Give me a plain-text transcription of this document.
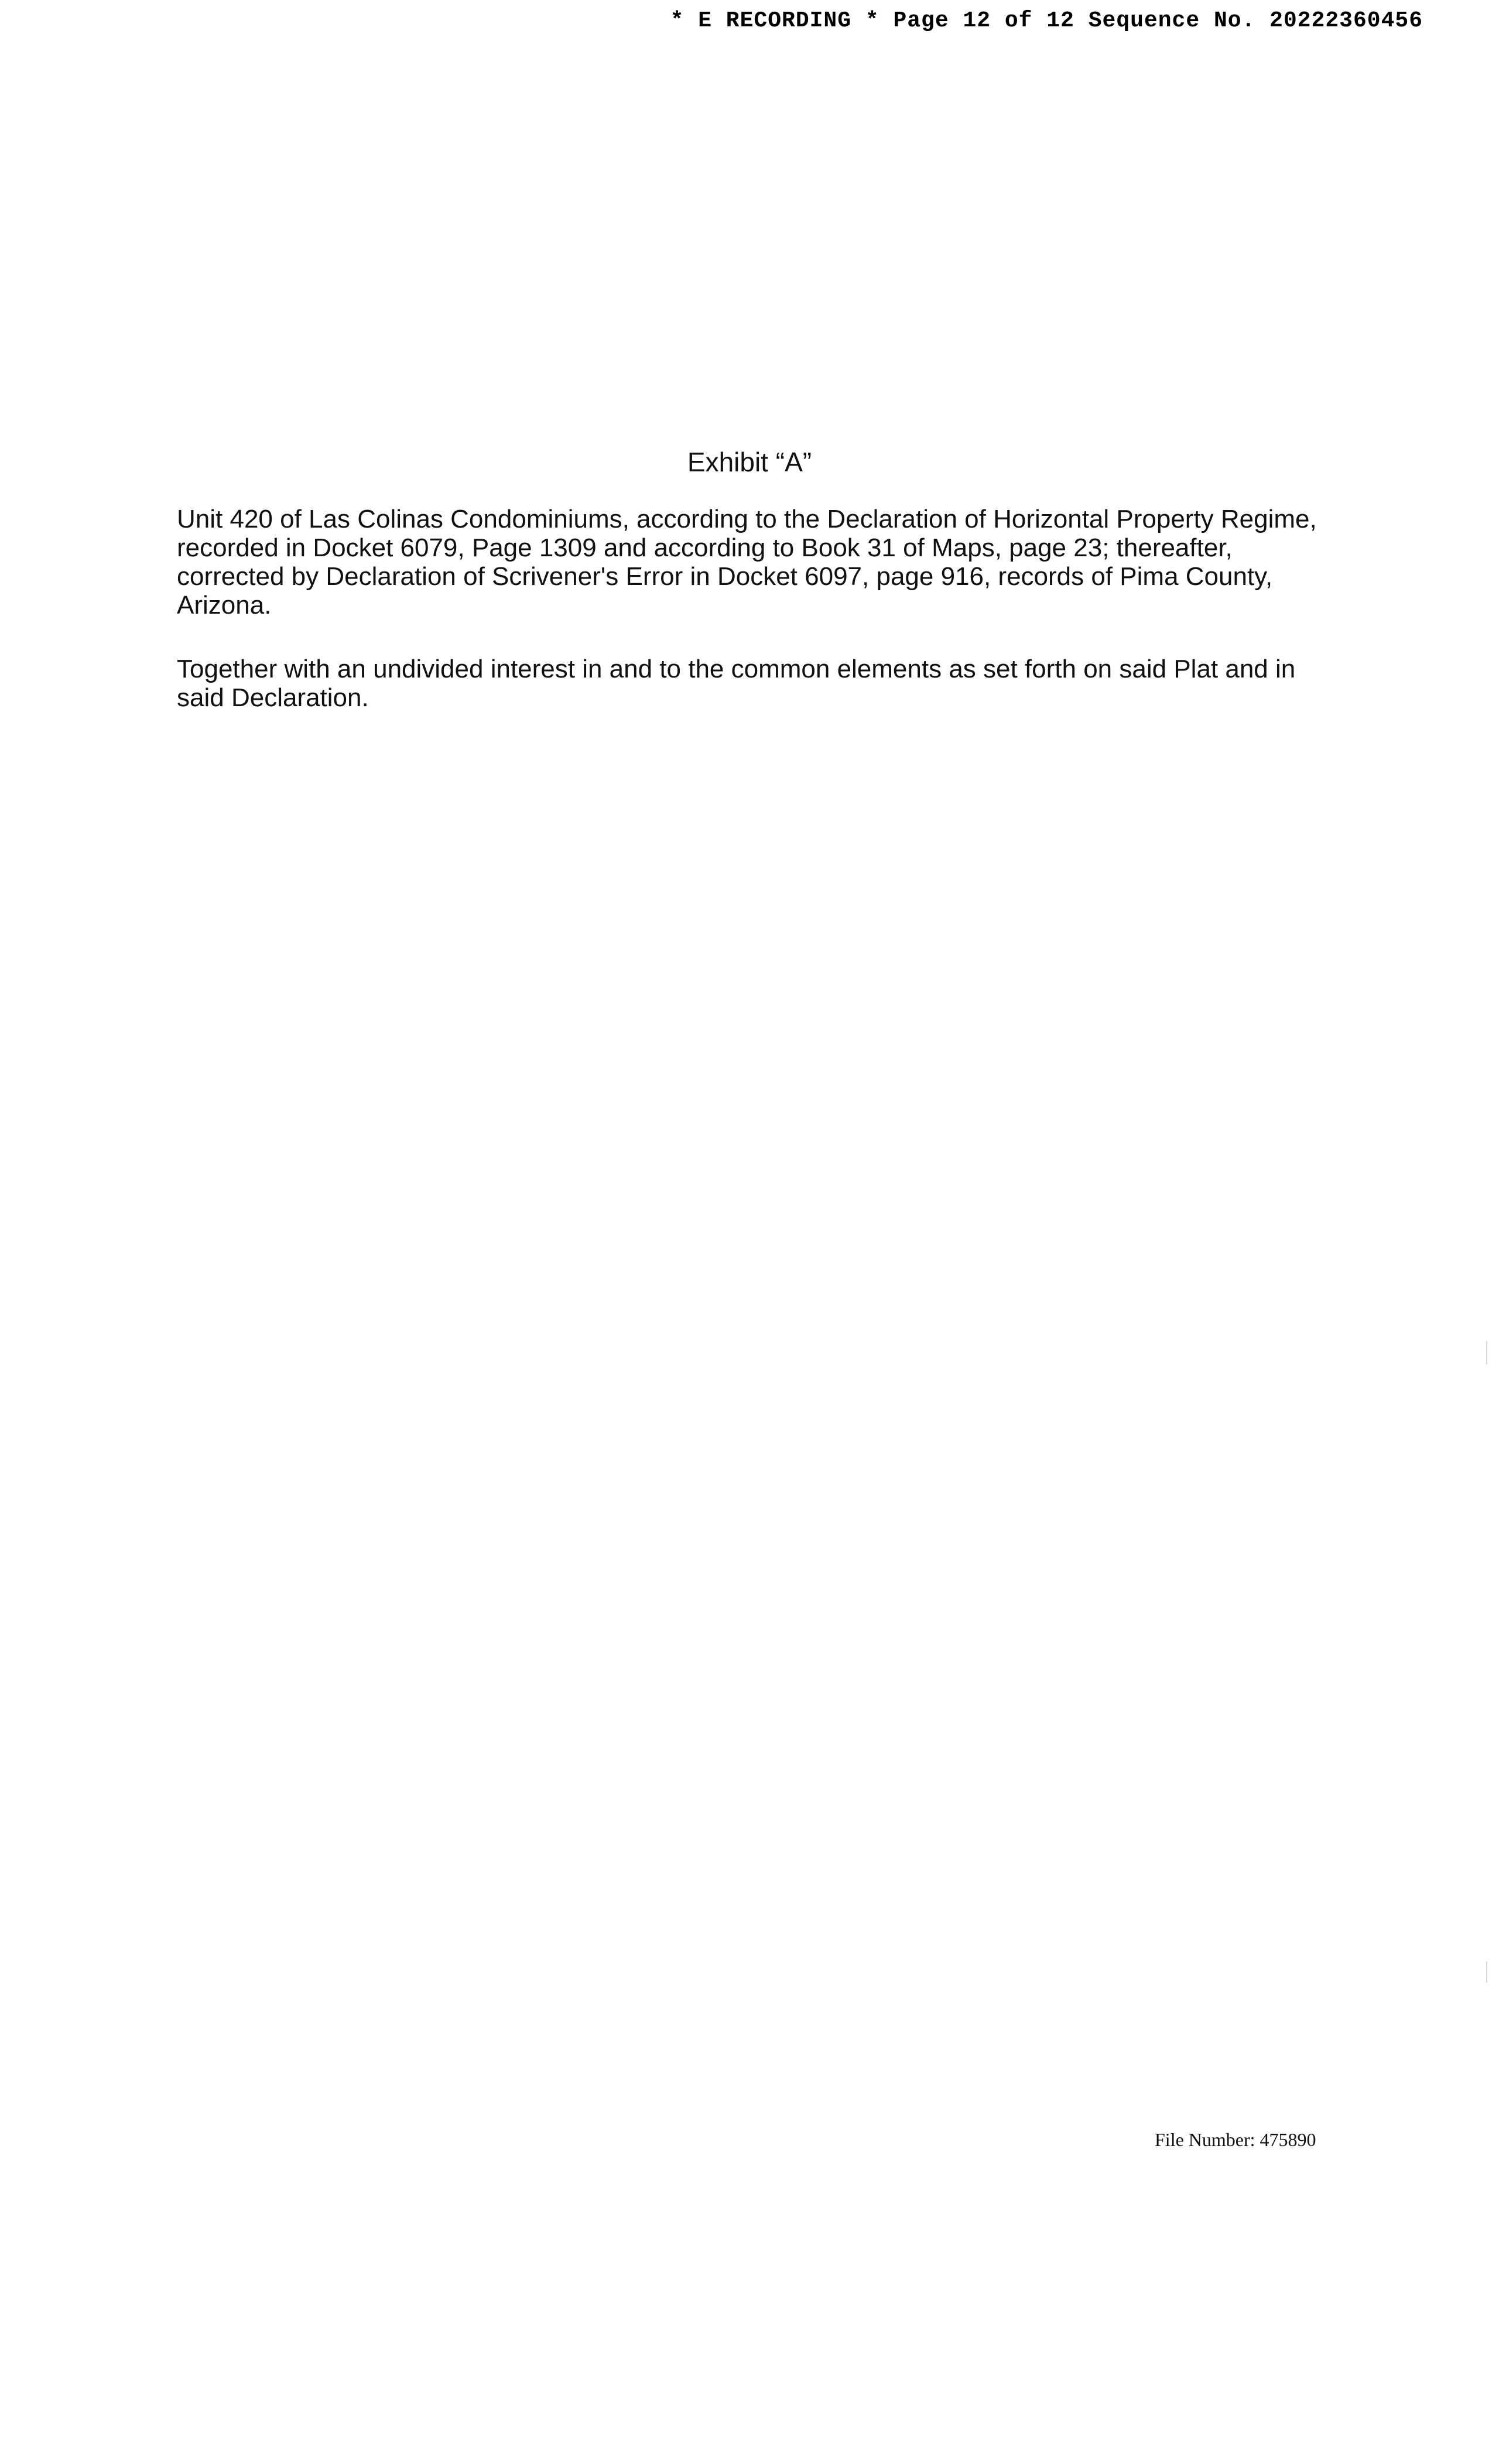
* E RECORDING * Page 12 of 12 Sequence No. 20222360456
Exhibit “A”

Unit 420 of Las Colinas Condominiums, according to the Declaration of Horizontal Property Regime, recorded in Docket 6079, Page 1309 and according to Book 31 of Maps, page 23; thereafter, corrected by Declaration of Scrivener's Error in Docket 6097, page 916, records of Pima County, Arizona.

Together with an undivided interest in and to the common elements as set forth on said Plat and in said Declaration.

File Number: 475890
